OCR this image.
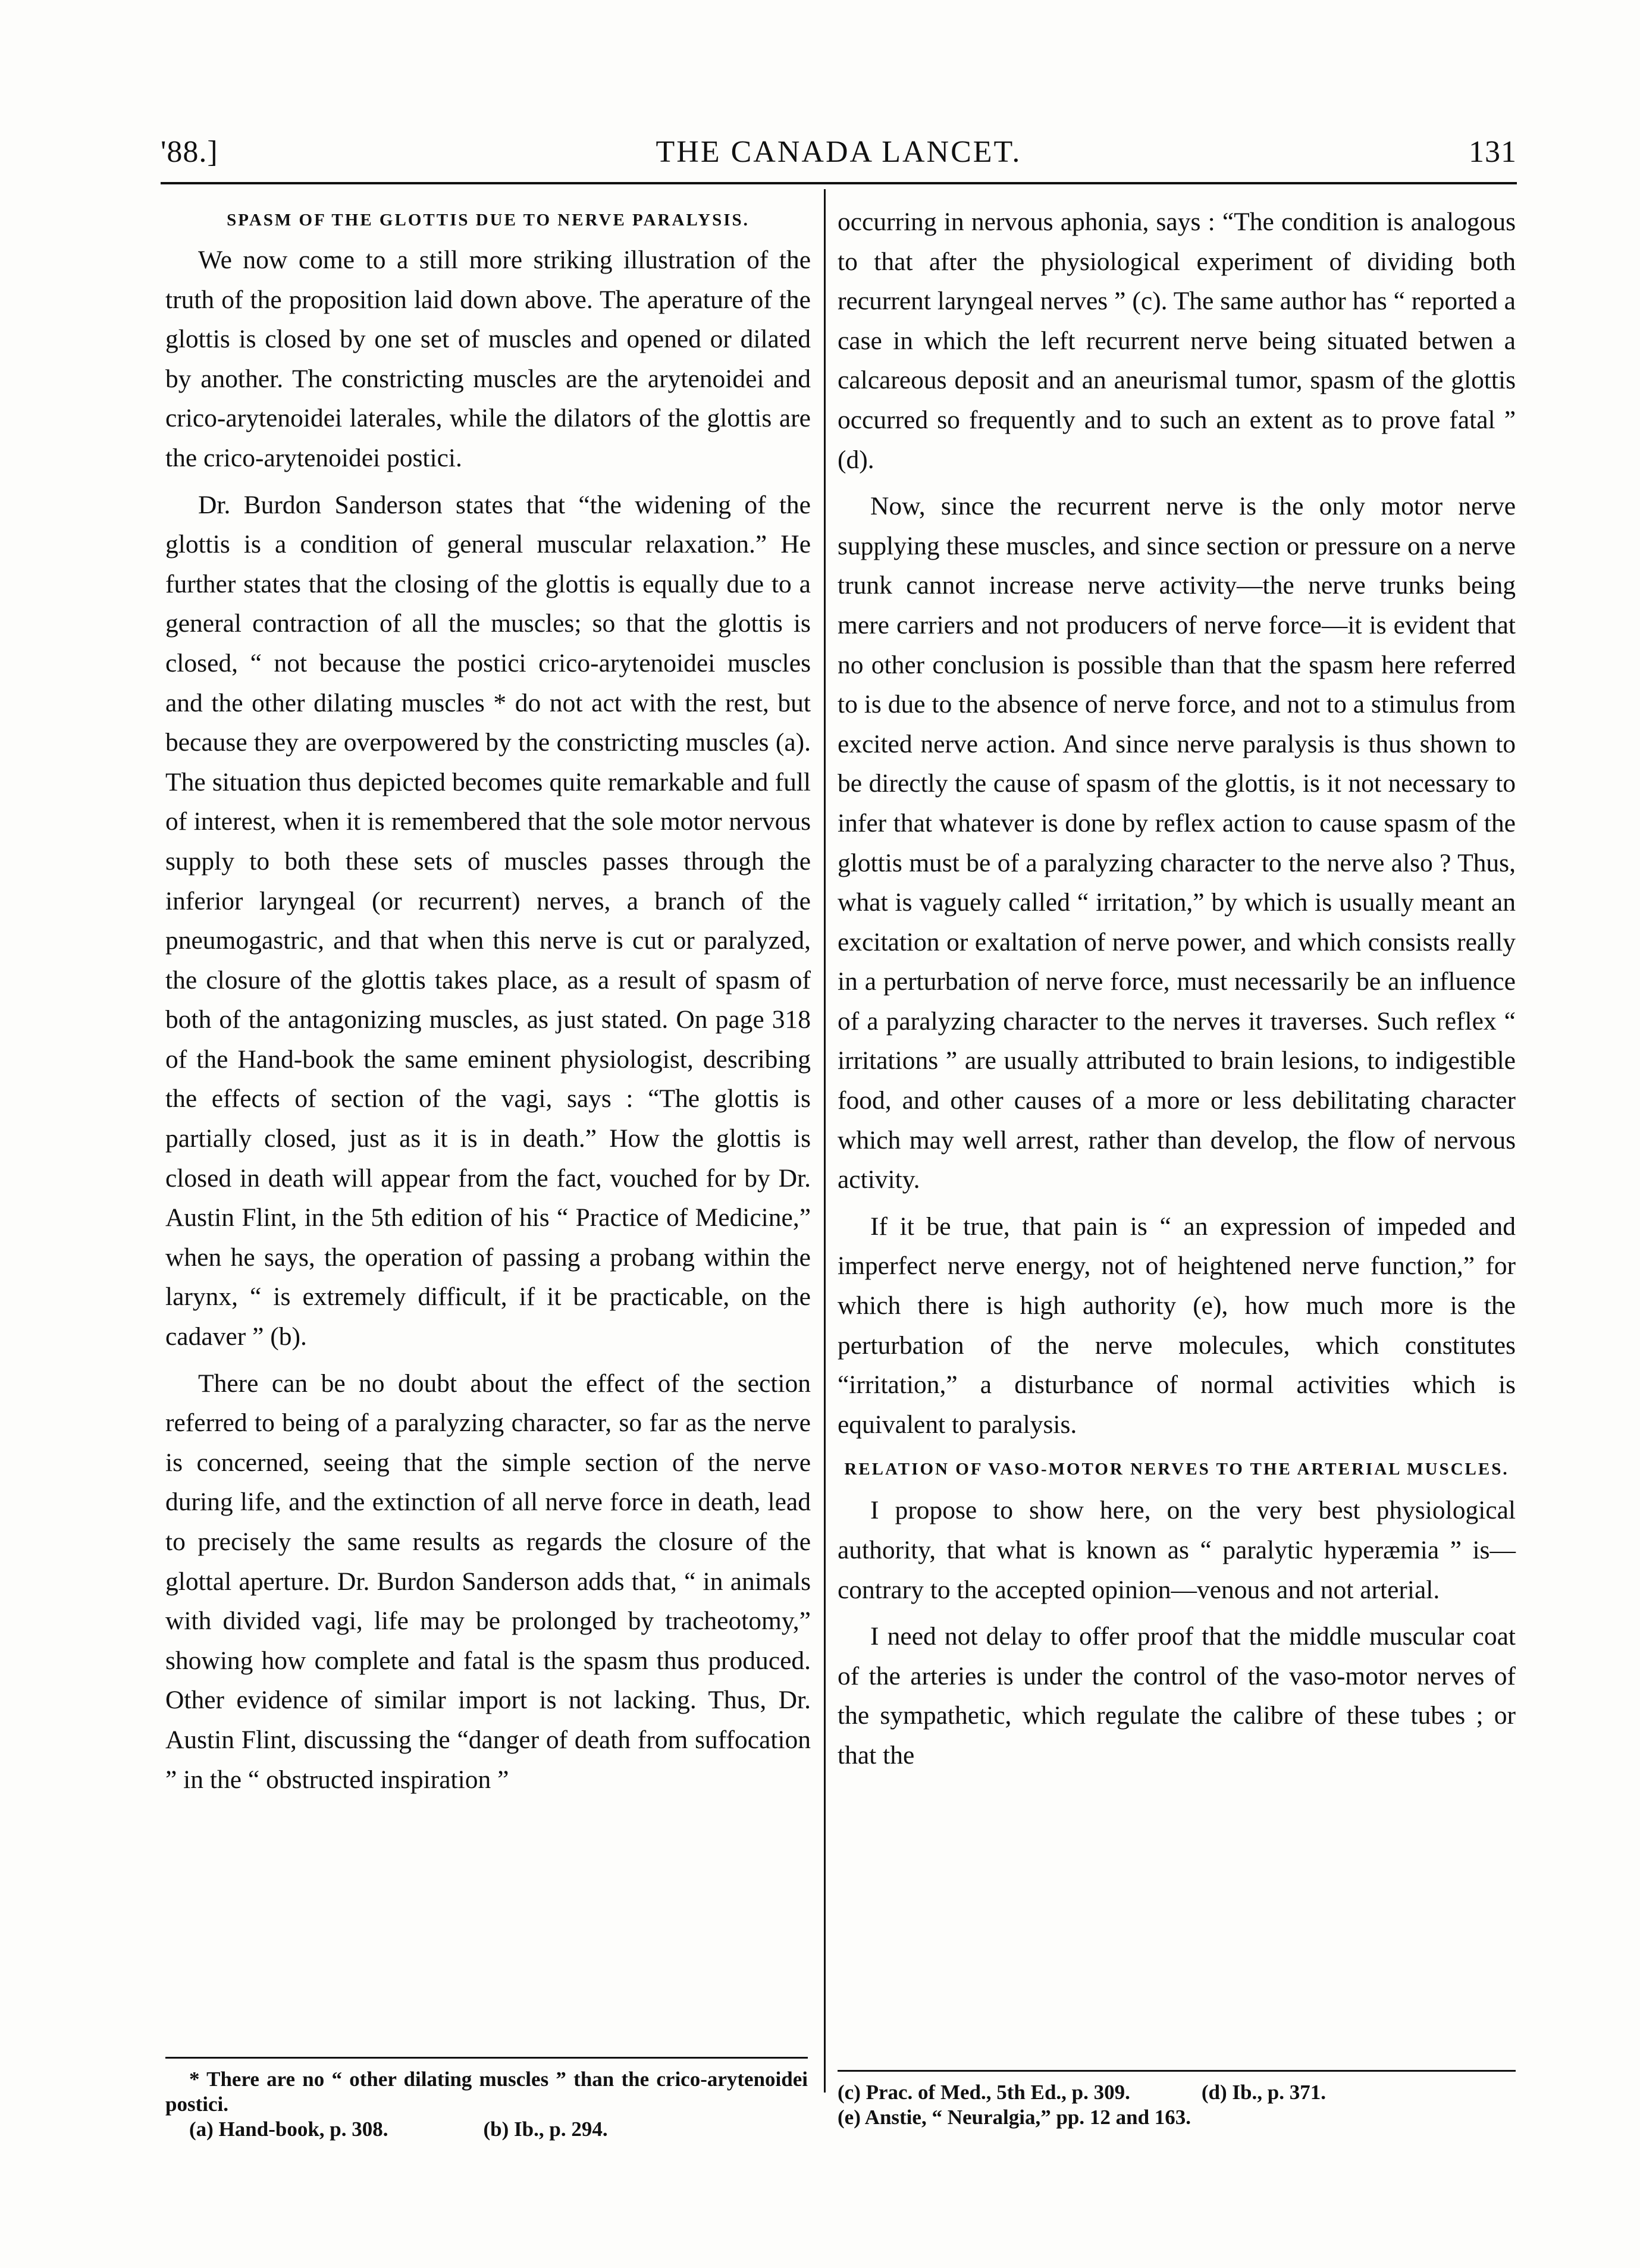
'88.]	THE CANADA LANCET.	131
SPASM OF THE GLOTTIS DUE TO NERVE PARALYSIS.

We now come to a still more striking illustration of the truth of the proposition laid down above. The aperature of the glottis is closed by one set of muscles and opened or dilated by another. The constricting muscles are the arytenoidei and crico-arytenoidei laterales, while the dilators of the glottis are the crico-arytenoidei postici.

Dr. Burdon Sanderson states that “the widening of the glottis is a condition of general muscular relaxation.” He further states that the closing of the glottis is equally due to a general contraction of all the muscles; so that the glottis is closed, “ not because the postici crico-arytenoidei muscles and the other dilating muscles * do not act with the rest, but because they are overpowered by the constricting muscles (a). The situation thus depicted becomes quite remarkable and full of interest, when it is remembered that the sole motor nervous supply to both these sets of muscles passes through the inferior laryngeal (or recurrent) nerves, a branch of the pneumogastric, and that when this nerve is cut or paralyzed, the closure of the glottis takes place, as a result of spasm of both of the antagonizing muscles, as just stated. On page 318 of the Hand-book the same eminent physiologist, describing the effects of section of the vagi, says : “The glottis is partially closed, just as it is in death.” How the glottis is closed in death will appear from the fact, vouched for by Dr. Austin Flint, in the 5th edition of his “ Practice of Medicine,” when he says, the operation of passing a probang within the larynx, “ is extremely difficult, if it be practicable, on the cadaver ” (b).

There can be no doubt about the effect of the section referred to being of a paralyzing character, so far as the nerve is concerned, seeing that the simple section of the nerve during life, and the extinction of all nerve force in death, lead to precisely the same results as regards the closure of the glottal aperture. Dr. Burdon Sanderson adds that, “ in animals with divided vagi, life may be prolonged by tracheotomy,” showing how complete and fatal is the spasm thus produced. Other evidence of similar import is not lacking. Thus, Dr. Austin Flint, discussing the “danger of death from suffocation ” in the “ obstructed inspiration ”

* There are no “ other dilating muscles ” than the crico-arytenoidei postici.
(a) Hand-book, p. 308.	(b) Ib., p. 294.

occurring in nervous aphonia, says : “The condition is analogous to that after the physiological experiment of dividing both recurrent laryngeal nerves ” (c). The same author has “ reported a case in which the left recurrent nerve being situated betwen a calcareous deposit and an aneurismal tumor, spasm of the glottis occurred so frequently and to such an extent as to prove fatal ” (d).

Now, since the recurrent nerve is the only motor nerve supplying these muscles, and since section or pressure on a nerve trunk cannot increase nerve activity—the nerve trunks being mere carriers and not producers of nerve force—it is evident that no other conclusion is possible than that the spasm here referred to is due to the absence of nerve force, and not to a stimulus from excited nerve action. And since nerve paralysis is thus shown to be directly the cause of spasm of the glottis, is it not necessary to infer that whatever is done by reflex action to cause spasm of the glottis must be of a paralyzing character to the nerve also ? Thus, what is vaguely called “ irritation,” by which is usually meant an excitation or exaltation of nerve power, and which consists really in a perturbation of nerve force, must necessarily be an influence of a paralyzing character to the nerves it traverses. Such reflex “ irritations ” are usually attributed to brain lesions, to indigestible food, and other causes of a more or less debilitating character which may well arrest, rather than develop, the flow of nervous activity.

If it be true, that pain is “ an expression of impeded and imperfect nerve energy, not of heightened nerve function,” for which there is high authority (e), how much more is the perturbation of the nerve molecules, which constitutes “irritation,” a disturbance of normal activities which is equivalent to paralysis.

RELATION OF VASO-MOTOR NERVES TO THE ARTERIAL MUSCLES.

I propose to show here, on the very best physiological authority, that what is known as “ paralytic hyperæmia ” is—contrary to the accepted opinion—venous and not arterial.

I need not delay to offer proof that the middle muscular coat of the arteries is under the control of the vaso-motor nerves of the sympathetic, which regulate the calibre of these tubes ; or that the

(c) Prac. of Med., 5th Ed., p. 309.	(d) Ib., p. 371.
(e) Anstie, “ Neuralgia,” pp. 12 and 163.
